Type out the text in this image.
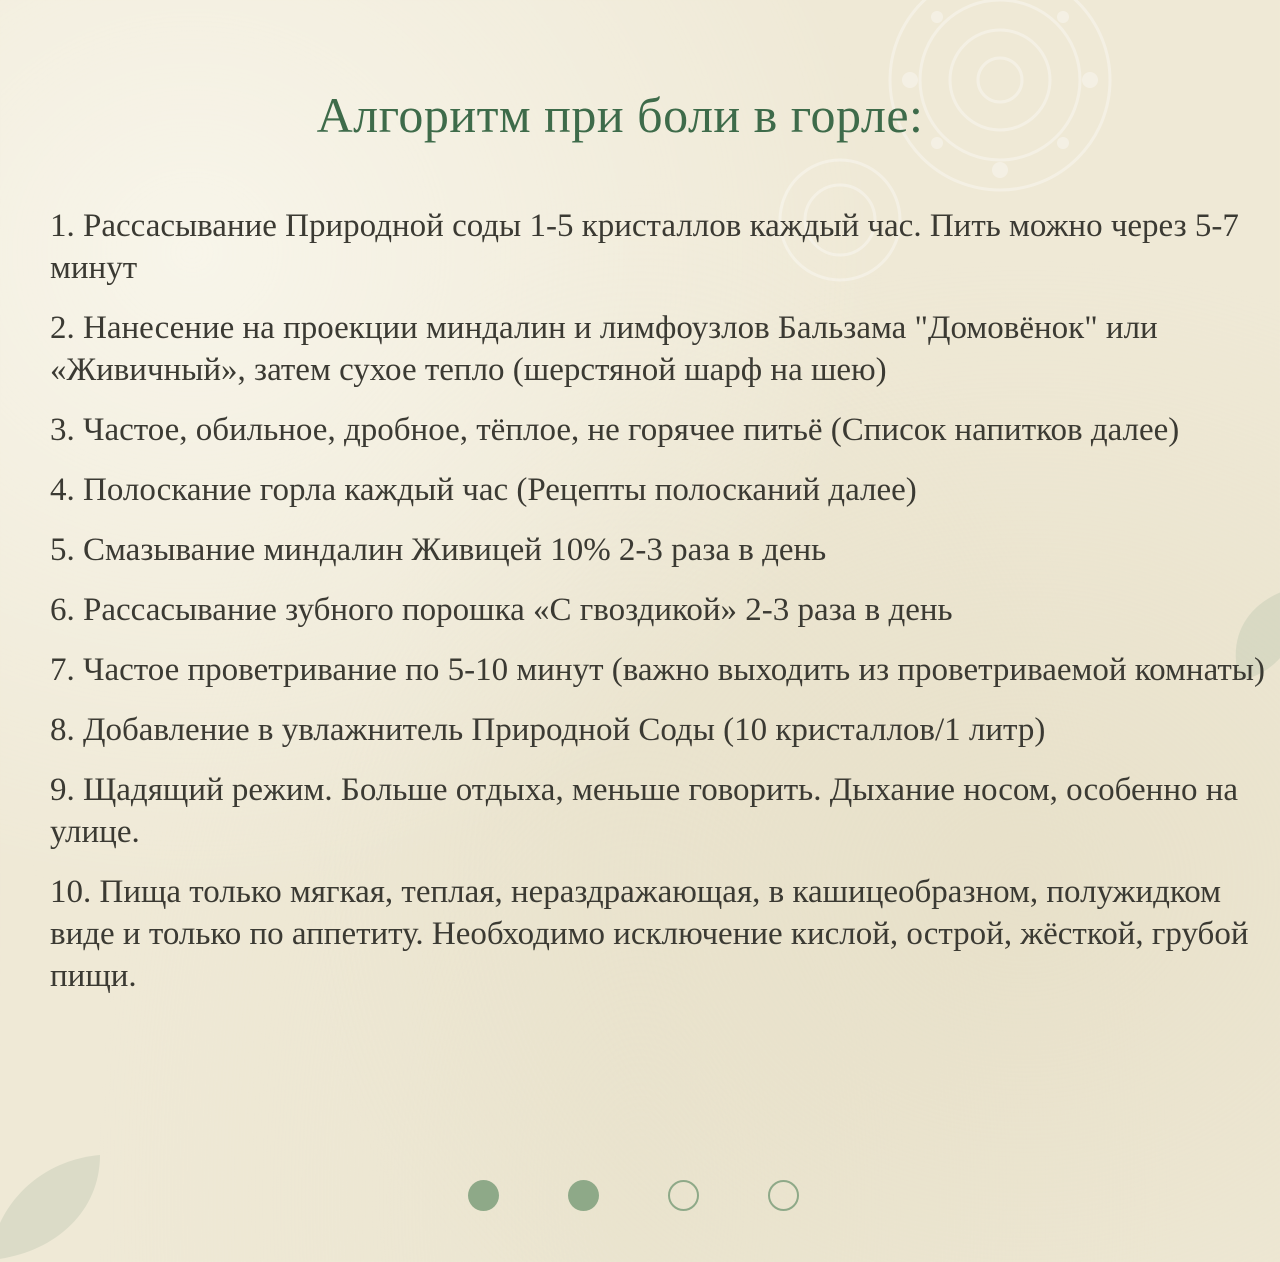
Алгоритм при боли в горле:
1. Рассасывание Природной соды 1-5 кристаллов каждый час. Пить можно через 5-7 минут
2. Нанесение на проекции миндалин и лимфоузлов Бальзама "Домовёнок" или «Живичный», затем сухое тепло (шерстяной шарф на шею)
3. Частое, обильное, дробное, тёплое, не горячее питьё (Список напитков далее)
4. Полоскание горла каждый час (Рецепты полосканий далее)
5. Смазывание миндалин Живицей 10% 2-3 раза в день
6. Рассасывание зубного порошка «С гвоздикой» 2-3 раза в день
7. Частое проветривание по 5-10 минут (важно выходить из проветриваемой комнаты)
8. Добавление в увлажнитель Природной Соды (10 кристаллов/1 литр)
9. Щадящий режим. Больше отдыха, меньше говорить. Дыхание носом, особенно на улице.
10. Пища только мягкая, теплая, нераздражающая, в кашицеобразном, полужидком виде и только по аппетиту. Необходимо исключение кислой, острой, жёсткой, грубой пищи.
